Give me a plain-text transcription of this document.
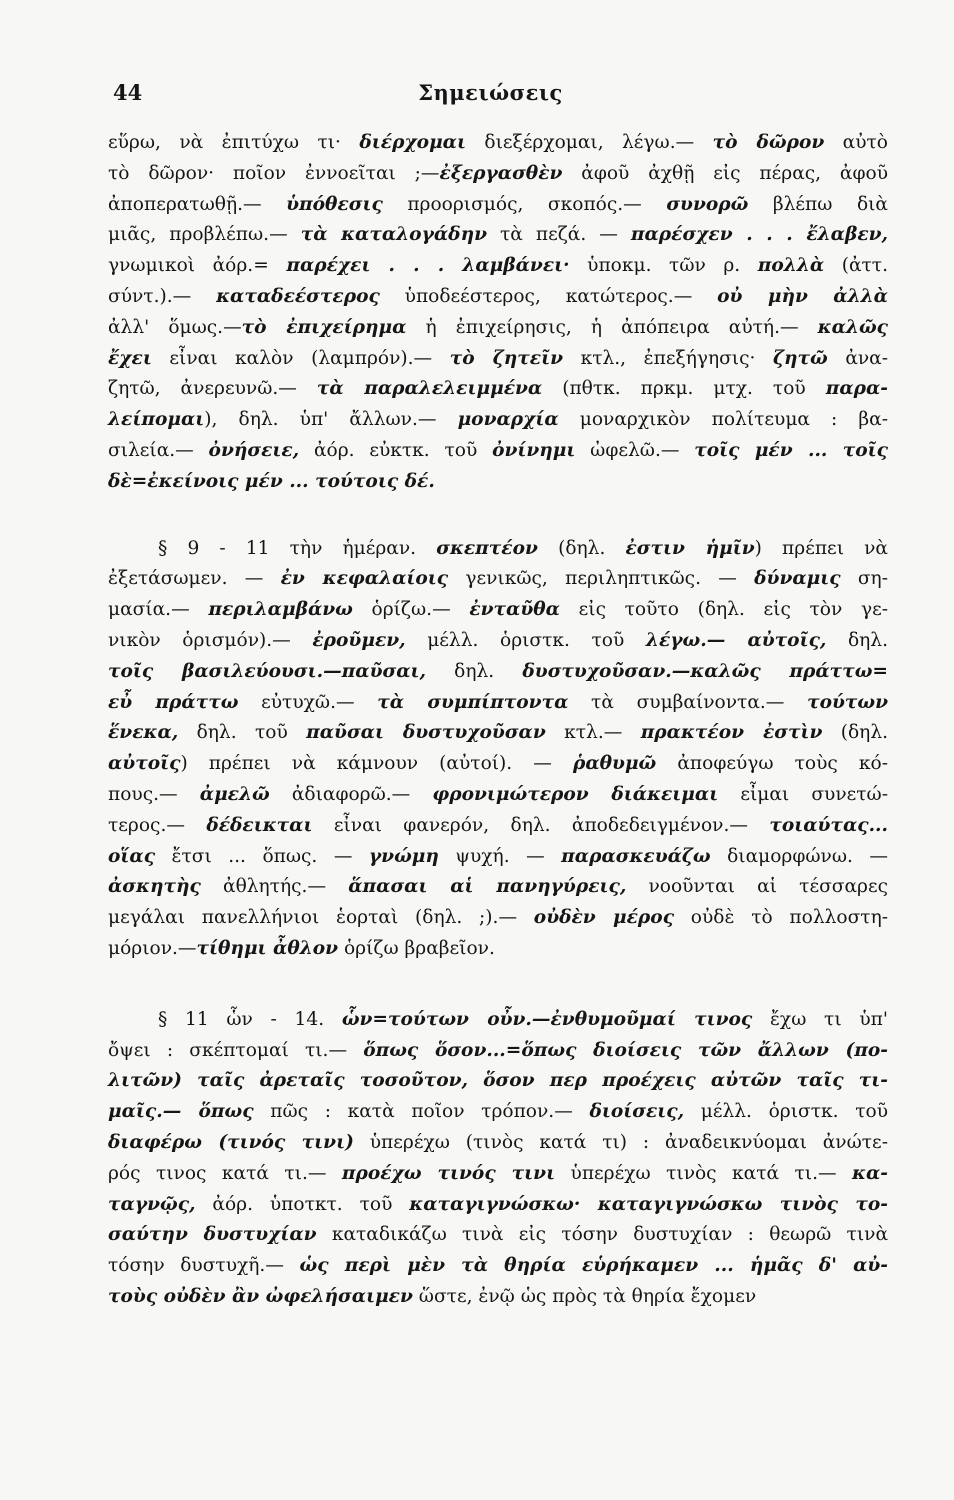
44	Σημειώσεις
εὕρω, νὰ ἐπιτύχω τι· διέρχομαι διεξέρχομαι, λέγω.— τὸ δῶρον αὐτὸ
τὸ δῶρον· ποῖον ἐννοεῖται ;—ἐξεργασθὲν ἀφοῦ ἀχθῇ εἰς πέρας, ἀφοῦ
ἀποπερατωθῇ.— ὑπόθεσις προορισμός, σκοπός.— συνορῶ βλέπω διὰ
μιᾶς, προβλέπω.— τὰ καταλογάδην τὰ πεζά. — παρέσχεν . . . ἔλαβεν,
γνωμικοὶ ἀόρ.= παρέχει . . . λαμβάνει· ὑποκμ. τῶν ρ. πολλὰ (ἀττ.
σύντ.).— καταδεέστερος ὑποδεέστερος, κατώτερος.— οὐ μὴν ἀλλὰ
ἀλλ' ὅμως.—τὸ ἐπιχείρημα ἡ ἐπιχείρησις, ἡ ἀπόπειρα αὐτή.— καλῶς
ἔχει εἶναι καλὸν (λαμπρόν).— τὸ ζητεῖν κτλ., ἐπεξήγησις· ζητῶ ἀνα-
ζητῶ, ἀνερευνῶ.— τὰ παραλελειμμένα (πθτκ. πρκμ. μτχ. τοῦ παρα-
λείπομαι), δηλ. ὑπ' ἄλλων.— μοναρχία μοναρχικὸν πολίτευμα : βα-
σιλεία.— ὀνήσειε, ἀόρ. εὐκτκ. τοῦ ὀνίνημι ὠφελῶ.— τοῖς μέν ... τοῖς
δὲ=ἐκείνοις μέν ... τούτοις δέ.
§ 9 - 11 τὴν ἡμέραν. σκεπτέον (δηλ. ἐστιν ἡμῖν) πρέπει νὰ
ἐξετάσωμεν. — ἐν κεφαλαίοις γενικῶς, περιληπτικῶς. — δύναμις ση-
μασία.— περιλαμβάνω ὁρίζω.— ἐνταῦθα εἰς τοῦτο (δηλ. εἰς τὸν γε-
νικὸν ὁρισμόν).— ἐροῦμεν, μέλλ. ὁριστκ. τοῦ λέγω.— αὐτοῖς, δηλ.
τοῖς βασιλεύουσι.—παῦσαι, δηλ. δυστυχοῦσαν.—καλῶς πράττω=
εὖ πράττω εὐτυχῶ.— τὰ συμπίπτοντα τὰ συμβαίνοντα.— τούτων
ἕνεκα, δηλ. τοῦ παῦσαι δυστυχοῦσαν κτλ.— πρακτέον ἐστὶν (δηλ.
αὐτοῖς) πρέπει νὰ κάμνουν (αὐτοί). — ῥαθυμῶ ἀποφεύγω τοὺς κό-
πους.— ἀμελῶ ἀδιαφορῶ.— φρονιμώτερον διάκειμαι εἶμαι συνετώ-
τερος.— δέδεικται εἶναι φανερόν, δηλ. ἀποδεδειγμένον.— τοιαύτας...
οἵας ἔτσι ... ὅπως. — γνώμη ψυχή. — παρασκευάζω διαμορφώνω. —
ἀσκητὴς ἀθλητής.— ἅπασαι αἱ πανηγύρεις, νοοῦνται αἱ τέσσαρες
μεγάλαι πανελλήνιοι ἑορταὶ (δηλ. ;).— οὐδὲν μέρος οὐδὲ τὸ πολλοστη-
μόριον.—τίθημι ἆθλον ὁρίζω βραβεῖον.
§ 11 ὧν - 14. ὧν=τούτων οὖν.—ἐνθυμοῦμαί τινος ἔχω τι ὑπ'
ὄψει : σκέπτομαί τι.— ὅπως ὅσον...=ὅπως διοίσεις τῶν ἄλλων (πο-
λιτῶν) ταῖς ἀρεταῖς τοσοῦτον, ὅσον περ προέχεις αὐτῶν ταῖς τι-
μαῖς.— ὅπως πῶς : κατὰ ποῖον τρόπον.— διοίσεις, μέλλ. ὁριστκ. τοῦ
διαφέρω (τινός τινι) ὑπερέχω (τινὸς κατά τι) : ἀναδεικνύομαι ἀνώτε-
ρός τινος κατά τι.— προέχω τινός τινι ὑπερέχω τινὸς κατά τι.— κα-
ταγνῷς, ἀόρ. ὑποτκτ. τοῦ καταγιγνώσκω· καταγιγνώσκω τινὸς το-
σαύτην δυστυχίαν καταδικάζω τινὰ εἰς τόσην δυστυχίαν : θεωρῶ τινὰ
τόσην δυστυχῆ.— ὡς περὶ μὲν τὰ θηρία εὑρήκαμεν ... ἡμᾶς δ' αὐ-
τοὺς οὐδὲν ἂν ὠφελήσαιμεν ὥστε, ἐνῷ ὡς πρὸς τὰ θηρία ἔχομεν
